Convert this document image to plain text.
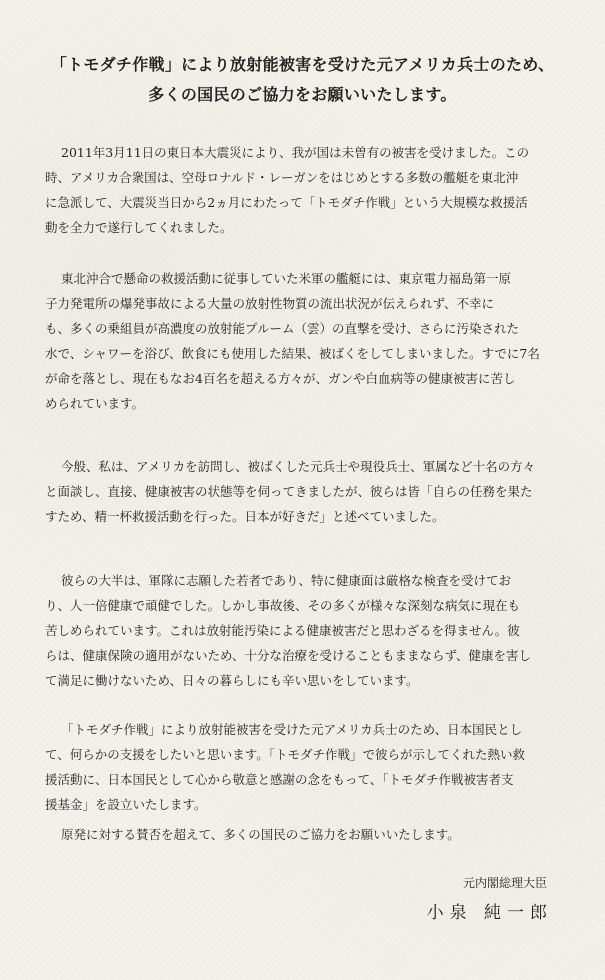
「トモダチ作戦」により放射能被害を受けた元アメリカ兵士のため、
多くの国民のご協力をお願いいたします。
2011年3月11日の東日本大震災により、我が国は未曽有の被害を受けました。この
時、アメリカ合衆国は、空母ロナルド・レーガンをはじめとする多数の艦艇を東北沖
に急派して、大震災当日から2ヵ月にわたって「トモダチ作戦」という大規模な救援活
動を全力で遂行してくれました。
東北沖合で懸命の救援活動に従事していた米軍の艦艇には、東京電力福島第一原
子力発電所の爆発事故による大量の放射性物質の流出状況が伝えられず、不幸に
も、多くの乗組員が高濃度の放射能プルーム（雲）の直撃を受け、さらに汚染された
水で、シャワーを浴び、飲食にも使用した結果、被ばくをしてしまいました。すでに7名
が命を落とし、現在もなお4百名を超える方々が、ガンや白血病等の健康被害に苦し
められています。
今般、私は、アメリカを訪問し、被ばくした元兵士や現役兵士、軍属など十名の方々
と面談し、直接、健康被害の状態等を伺ってきましたが、彼らは皆「自らの任務を果た
すため、精一杯救援活動を行った。日本が好きだ」と述べていました。
彼らの大半は、軍隊に志願した若者であり、特に健康面は厳格な検査を受けてお
り、人一倍健康で頑健でした。しかし事故後、その多くが様々な深刻な病気に現在も
苦しめられています。これは放射能汚染による健康被害だと思わざるを得ません。彼
らは、健康保険の適用がないため、十分な治療を受けることもままならず、健康を害し
て満足に働けないため、日々の暮らしにも辛い思いをしています。
「トモダチ作戦」により放射能被害を受けた元アメリカ兵士のため、日本国民とし
て、何らかの支援をしたいと思います。「トモダチ作戦」で彼らが示してくれた熱い救
援活動に、日本国民として心から敬意と感謝の念をもって、「トモダチ作戦被害者支
援基金」を設立いたします。
原発に対する賛否を超えて、多くの国民のご協力をお願いいたします。
元内閣総理大臣
小泉 純一郎
